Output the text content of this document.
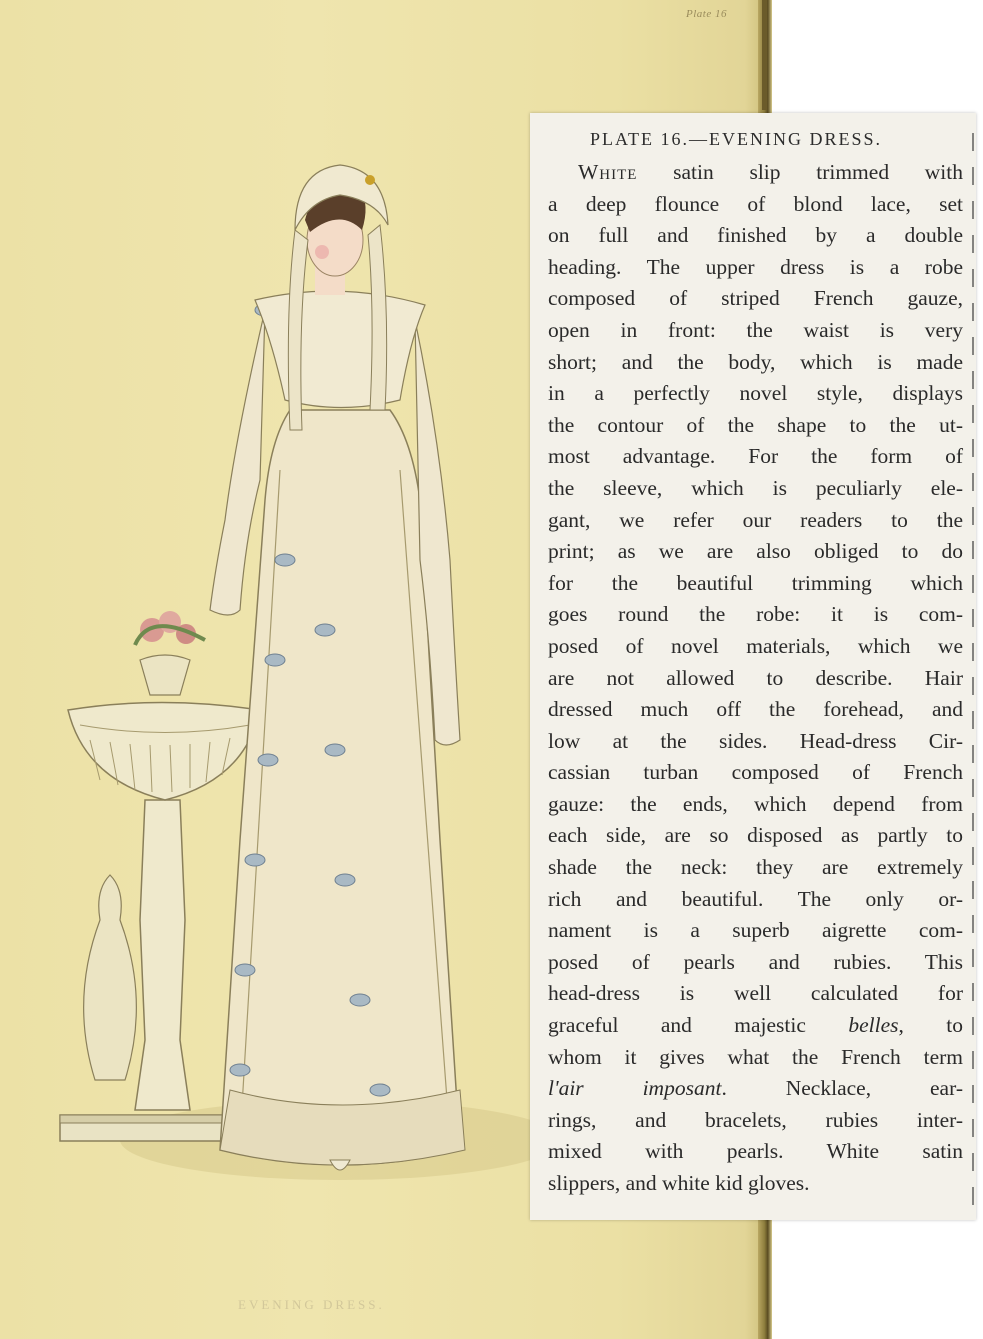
Plate 16
EVENING DRESS.
PLATE 16.—EVENING DRESS.
White satin slip trimmed with
a deep flounce of blond lace, set
on full and finished by a double
heading. The upper dress is a robe
composed of striped French gauze,
open in front: the waist is very
short; and the body, which is made
in a perfectly novel style, displays
the contour of the shape to the ut-
most advantage. For the form of
the sleeve, which is peculiarly ele-
gant, we refer our readers to the
print; as we are also obliged to do
for the beautiful trimming which
goes round the robe: it is com-
posed of novel materials, which we
are not allowed to describe. Hair
dressed much off the forehead, and
low at the sides. Head-dress Cir-
cassian turban composed of French
gauze: the ends, which depend from
each side, are so disposed as partly to
shade the neck: they are extremely
rich and beautiful. The only or-
nament is a superb aigrette com-
posed of pearls and rubies. This
head-dress is well calculated for
graceful and majestic belles, to
whom it gives what the French term
l'air imposant. Necklace, ear-
rings, and bracelets, rubies inter-
mixed with pearls. White satin
slippers, and white kid gloves.
